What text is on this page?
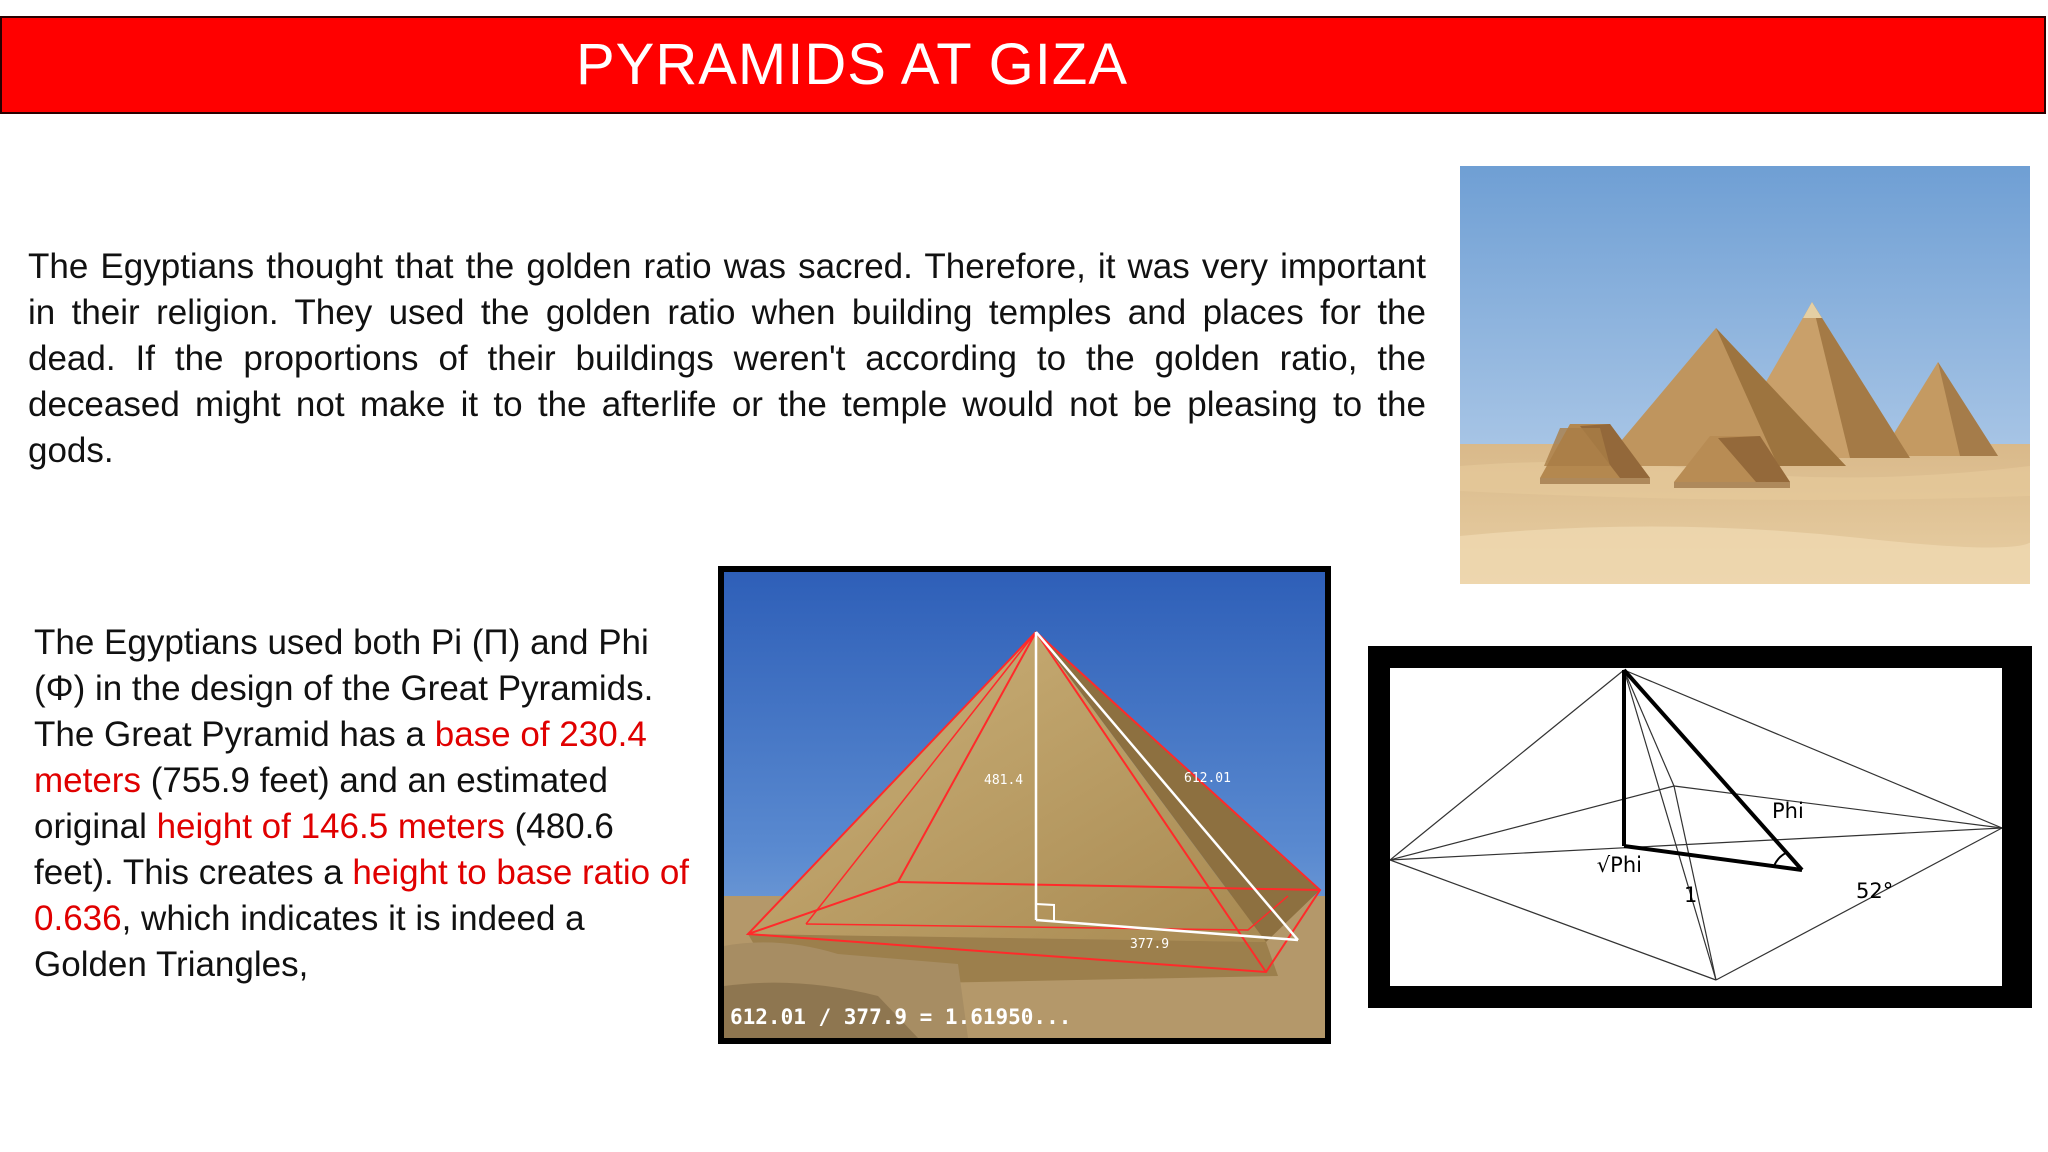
PYRAMIDS AT GIZA
The Egyptians thought that the golden ratio was sacred. Therefore, it was very important in their religion. They used the golden ratio when building temples and places for the dead. If the proportions of their buildings weren't according to the golden ratio, the deceased might not make it to the afterlife or the temple would not be pleasing to the gods.
The Egyptians used both Pi (Π) and Phi (Φ) in the design of the Great Pyramids. The Great Pyramid has a base of 230.4 meters (755.9 feet) and an estimated original height of 146.5 meters (480.6 feet). This creates a height to base ratio of 0.636, which indicates it is indeed a Golden Triangles,
481.4	612.01
377.9
612.01 / 377.9 = 1.61950...
Phi
√Phi
1	52°
